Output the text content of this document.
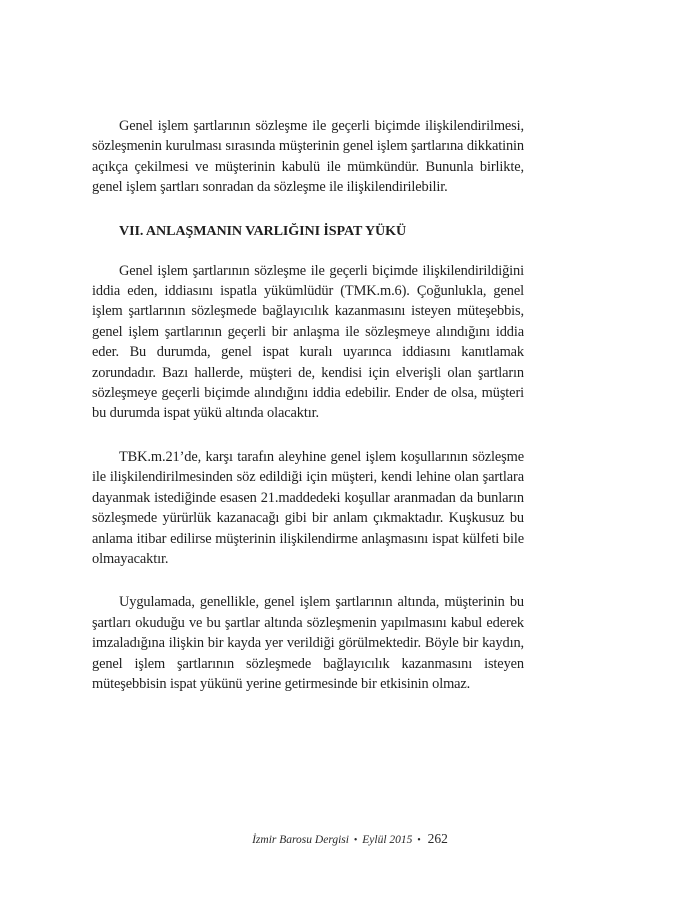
Genel işlem şartlarının sözleşme ile geçerli biçimde ilişkilendirilmesi, sözleşmenin kurulması sırasında müşterinin genel işlem şartlarına dikkatinin açıkça çekilmesi ve müşterinin kabulü ile mümkündür. Bununla birlikte, genel işlem şartları sonradan da sözleşme ile ilişkilendirilebilir.

VII. ANLAŞMANIN VARLIĞINI İSPAT YÜKÜ

Genel işlem şartlarının sözleşme ile geçerli biçimde ilişkilendirildiğini iddia eden, iddiasını ispatla yükümlüdür (TMK.m.6). Çoğunlukla, genel işlem şartlarının sözleşmede bağlayıcılık kazanmasını isteyen müteşebbis, genel işlem şartlarının geçerli bir anlaşma ile sözleşmeye alındığını iddia eder. Bu durumda, genel ispat kuralı uyarınca iddiasını kanıtlamak zorundadır. Bazı hallerde, müşteri de, kendisi için elverişli olan şartların sözleşmeye geçerli biçimde alındığını iddia edebilir. Ender de olsa, müşteri bu durumda ispat yükü altında olacaktır.

TBK.m.21’de, karşı tarafın aleyhine genel işlem koşullarının sözleşme ile ilişkilendirilmesinden söz edildiği için müşteri, kendi lehine olan şartlara dayanmak istediğinde esasen 21.maddedeki koşullar aranmadan da bunların sözleşmede yürürlük kazanacağı gibi bir anlam çıkmaktadır. Kuşkusuz bu anlama itibar edilirse müşterinin ilişkilendirme anlaşmasını ispat külfeti bile olmayacaktır.

Uygulamada, genellikle, genel işlem şartlarının altında, müşterinin bu şartları okuduğu ve bu şartlar altında sözleşmenin yapılmasını kabul ederek imzaladığına ilişkin bir kayda yer verildiği görülmektedir. Böyle bir kaydın, genel işlem şartlarının sözleşmede bağlayıcılık kazanmasını isteyen müteşebbisin ispat yükünü yerine getirmesinde bir etkisinin olmaz.

İzmir Barosu Dergisi • Eylül 2015 • 262
